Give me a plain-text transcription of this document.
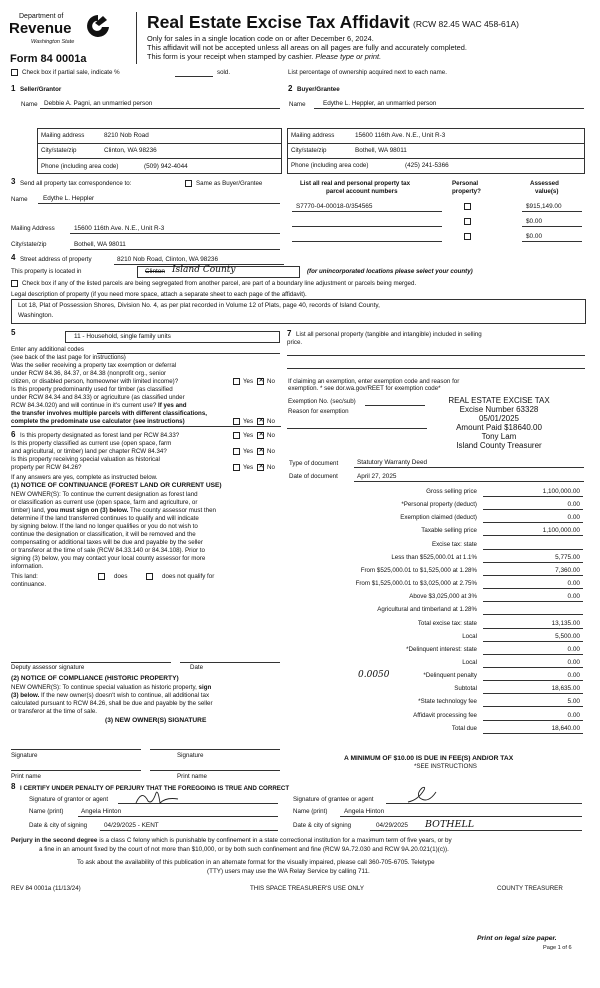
Department of
Revenue
Washington State
Form 84 0001a
Real Estate Excise Tax Affidavit (RCW 82.45 WAC 458-61A)
Only for sales in a single location code on or after December 6, 2024.
This affidavit will not be accepted unless all areas on all pages are fully and accurately completed.
This form is your receipt when stamped by cashier. Please type or print.
Check box if partial sale, indicate %	sold.	List percentage of ownership acquired next to each name.
1 Seller/Grantor
Name Debbie A. Pagni, an unmarried person
Mailing address	8210 Nob Road
City/state/zip	Clinton, WA 98236
Phone (including area code)	(509) 942-4044
2 Buyer/Grantee
Name	Edythe L. Heppler, an unmarried person
Mailing address	15600 116th Ave. N.E., Unit R-3
City/state/zip	Bothell, WA 98011
Phone (including area code)	(425) 241-5366
3 Send all property tax correspondence to:	Same as Buyer/Grantee
Name Edythe L. Heppler
Mailing Address	15600 116th Ave. N.E., Unit R-3
City/state/zip	Bothell, WA 98011
List all real and personal property tax
parcel account numbers
Personal
property?
Assessed
value(s)
S7770-04-00018-0/354565	$915,149.00
$0.00
$0.00
4 Street address of property	8210 Nob Road, Clinton, WA 98236
This property is located in	Clinton Island County	(for unincorporated locations please select your county)
Check box if any of the listed parcels are being segregated from another parcel, are part of a boundary line adjustment or parcels being merged.
Legal description of property (if you need more space, attach a separate sheet to each page of the affidavit).
Lot 18, Plat of Possession Shores, Division No. 4, as per plat recorded in Volume 12 of Plats, page 40, records of Island County,
Washington.
5	11 - Household, single family units
Enter any additional codes
(see back of the last page for instructions)
Was the seller receiving a property tax exemption or deferral
under RCW 84.36, 84.37, or 84.38 (nonprofit org., senior
citizen, or disabled person, homeowner with limited income)?	Yes ✕ No
Is this property predominantly used for timber (as classified
under RCW 84.34 and 84.33) or agriculture (as classified under
RCW 84.34.020) and will continue in it's current use? If yes and
the transfer involves multiple parcels with different classifications,
complete the predominate use calculator (see instructions)	Yes ✕ No
6 Is this property designated as forest land per RCW 84.33?	Yes ✕ No
Is this property classified as current use (open space, farm
and agricultural, or timber) land per chapter RCW 84.34?	Yes ✕ No
Is this property receiving special valuation as historical
property per RCW 84.26?	Yes ✕ No
If any answers are yes, complete as instructed below.
(1) NOTICE OF CONTINUANCE (FOREST LAND OR CURRENT USE)
NEW OWNER(S): To continue the current designation as forest land
or classification as current use (open space, farm and agriculture, or
timber) land, you must sign on (3) below. The county assessor must then
determine if the land transferred continues to qualify and will indicate
by signing below. If the land no longer qualifies or you do not wish to
continue the designation or classification, it will be removed and the
compensating or additional taxes will be due and payable by the seller
or transferor at the time of sale (RCW 84.33.140 or 84.34.108). Prior to
signing (3) below, you may contact your local county assessor for more
information.
This land:	does	does not qualify for
continuance.
Deputy assessor signature	Date
(2) NOTICE OF COMPLIANCE (HISTORIC PROPERTY)
NEW OWNER(S): To continue special valuation as historic property, sign
(3) below. If the new owner(s) doesn't wish to continue, all additional tax
calculated pursuant to RCW 84.26, shall be due and payable by the seller
or transferor at the time of sale.
(3) NEW OWNER(S) SIGNATURE
Signature	Signature
Print name	Print name
7 List all personal property (tangible and intangible) included in selling
price.
If claiming an exemption, enter exemption code and reason for
exemption. * see dor.wa.gov/REET for exemption code*
Exemption No. (sec/sub)
Reason for exemption
REAL ESTATE EXCISE TAX
Excise Number 63328
05/01/2025
Amount Paid $18640.00
Tony Lam
Island County Treasurer
Type of document	Statutory Warranty Deed
Date of document	April 27, 2025
Gross selling price	1,100,000.00
*Personal property (deduct)	0.00
Exemption claimed (deduct)	0.00
Taxable selling price	1,100,000.00
Excise tax: state
Less than $525,000.01 at 1.1%	5,775.00
From $525,000.01 to $1,525,000 at 1.28%	7,360.00
From $1,525,000.01 to $3,025,000 at 2.75%	0.00
Above $3,025,000 at 3%	0.00
Agricultural and timberland at 1.28%
Total excise tax: state	13,135.00
Local	5,500.00
*Delinquent interest: state	0.00
Local	0.00
*Delinquent penalty	0.00
Subtotal	18,635.00
*State technology fee	5.00
Affidavit processing fee	0.00
Total due	18,640.00
0.0050
A MINIMUM OF $10.00 IS DUE IN FEE(S) AND/OR TAX
*SEE INSTRUCTIONS
8 I CERTIFY UNDER PENALTY OF PERJURY THAT THE FOREGOING IS TRUE AND CORRECT
Signature of grantor or agent
Name (print)	Angela Hinton
Date & city of signing	04/29/2025 - KENT
Signature of grantee or agent
Name (print)	Angela Hinton
Date & city of signing	04/29/2025 BOTHELL
Perjury in the second degree is a class C felony which is punishable by confinement in a state correctional institution for a maximum term of five years, or by
a fine in an amount fixed by the court of not more than $10,000, or by both such confinement and fine (RCW 9A.72.030 and RCW 9A.20.021(1)(c)).
To ask about the availability of this publication in an alternate format for the visually impaired, please call 360-705-6705. Teletype
(TTY) users may use the WA Relay Service by calling 711.
REV 84 0001a (11/13/24)	THIS SPACE TREASURER'S USE ONLY	COUNTY TREASURER
Print on legal size paper.
Page 1 of 6
